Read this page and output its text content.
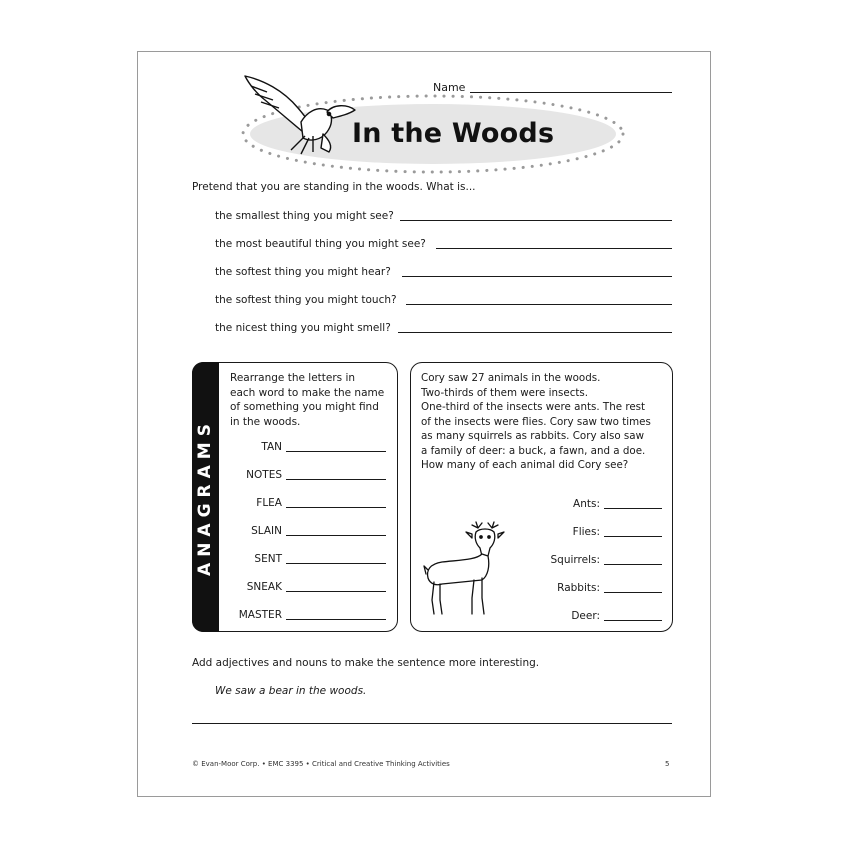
Name
In the Woods
Pretend that you are standing in the woods. What is...
the smallest thing you might see?
the most beautiful thing you might see?
the softest thing you might hear?
the softest thing you might touch?
the nicest thing you might smell?
ANAGRAMS
Rearrange the letters in
each word to make the name
of something you might find
in the woods.
TAN
NOTES
FLEA
SLAIN
SENT
SNEAK
MASTER
Cory saw 27 animals in the woods.
Two-thirds of them were insects.
One-third of the insects were ants. The rest
of the insects were flies. Cory saw two times
as many squirrels as rabbits. Cory also saw
a family of deer: a buck, a fawn, and a doe.
How many of each animal did Cory see?
Ants:
Flies:
Squirrels:
Rabbits:
Deer:
Add adjectives and nouns to make the sentence more interesting.
We saw a bear in the woods.
© Evan-Moor Corp. • EMC 3395 • Critical and Creative Thinking Activities	5
